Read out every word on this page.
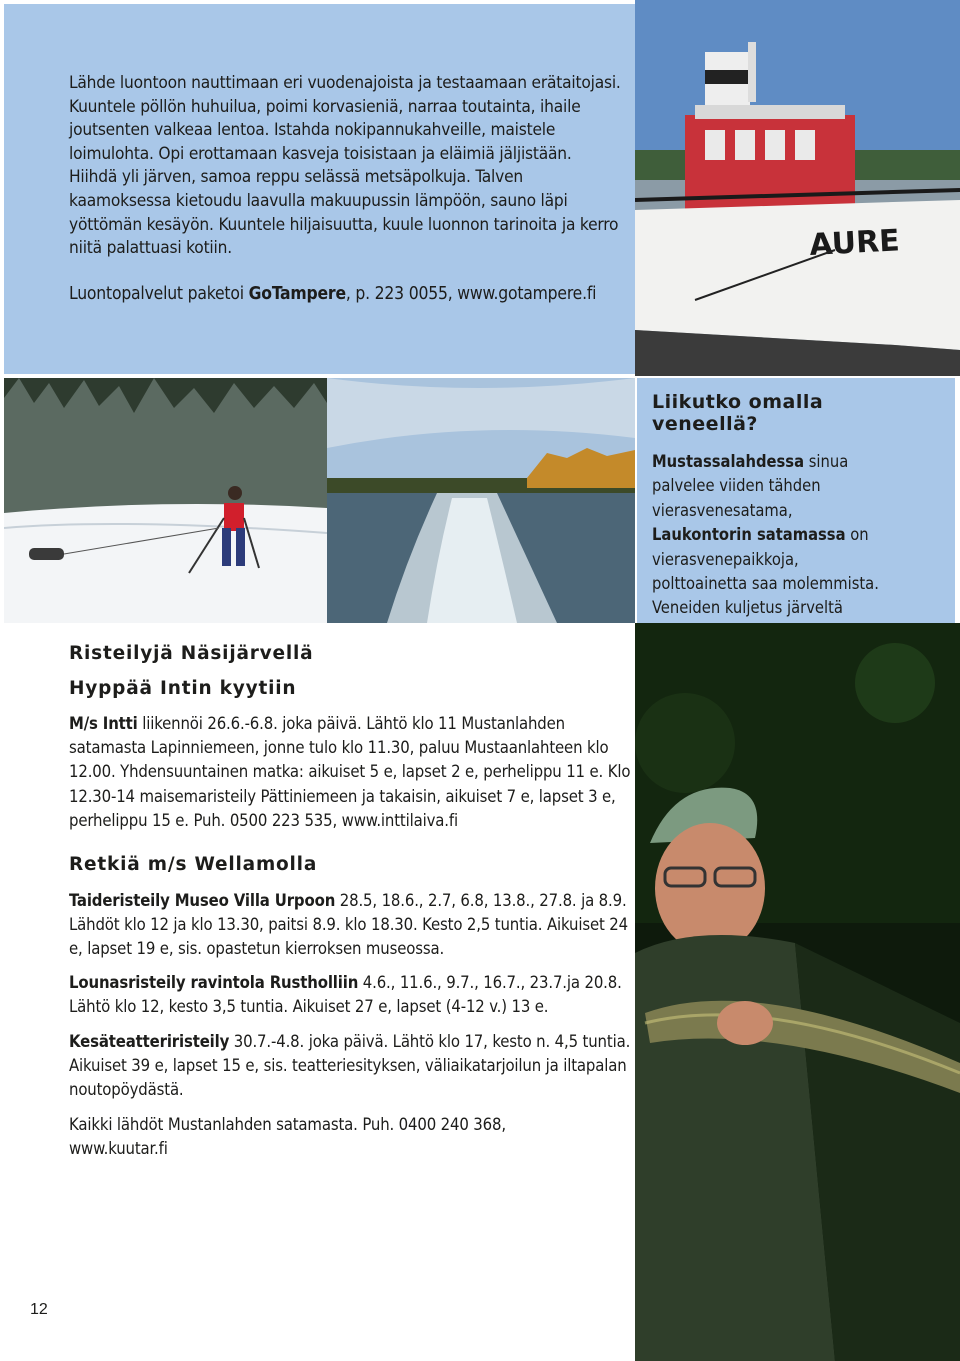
Lähde luontoon nauttimaan eri vuodenajoista ja testaamaan erätaitojasi. Kuuntele pöllön huhuilua, poimi korvasieniä, narraa toutainta, ihaile joutsenten valkeaa lentoa. Istahda nokipannukahveille, maistele loimulohta. Opi erottamaan kasveja toisistaan ja eläimiä jäljistään. Hiihdä yli järven, samoa reppu selässä metsäpolkuja. Talven kaamoksessa kietoudu laavulla makuupussin lämpöön, sauno läpi yöttömän kesäyön. Kuuntele hiljaisuutta, kuule luonnon tarinoita ja kerro niitä palattuasi kotiin.

Luontopalvelut paketoi GoTampere, p. 223 0055, www.gotampere.fi

AURE
Liikutko omalla veneellä?

Mustassalahdessa sinua palvelee viiden tähden vierasvenesatama, Laukontorin satamassa on vierasvenepaikkoja, polttoainetta saa molemmista. Veneiden kuljetus järveltä

Risteilyjä Näsijärvellä
Hyppää Intin kyytiin

M/s Intti liikennöi 26.6.-6.8. joka päivä. Lähtö klo 11 Mustanlahden satamasta Lapinniemeen, jonne tulo klo 11.30, paluu Mustaanlahteen klo 12.00. Yhdensuuntainen matka: aikuiset 5 e, lapset 2 e, perhelippu 11 e. Klo 12.30-14 maisemaristeily Pättiniemeen ja takaisin, aikuiset 7 e, lapset 3 e, perhelippu 15 e. Puh. 0500 223 535, www.inttilaiva.fi

Retkiä m/s Wellamolla

Taideristeily Museo Villa Urpoon 28.5, 18.6., 2.7, 6.8, 13.8., 27.8. ja 8.9. Lähdöt klo 12 ja klo 13.30, paitsi 8.9. klo 18.30. Kesto 2,5 tuntia. Aikuiset 24 e, lapset 19 e, sis. opastetun kierroksen museossa.

Lounasristeily ravintola Rustholliin 4.6., 11.6., 9.7., 16.7., 23.7.ja 20.8. Lähtö klo 12, kesto 3,5 tuntia. Aikuiset 27 e, lapset (4-12 v.) 13 e.

Kesäteatteriristeily 30.7.-4.8. joka päivä. Lähtö klo 17, kesto n. 4,5 tuntia. Aikuiset 39 e, lapset 15 e, sis. teatteriesityksen, väliaikatarjoilun ja iltapalan noutopöydästä.

Kaikki lähdöt Mustanlahden satamasta. Puh. 0400 240 368, www.kuutar.fi

12
